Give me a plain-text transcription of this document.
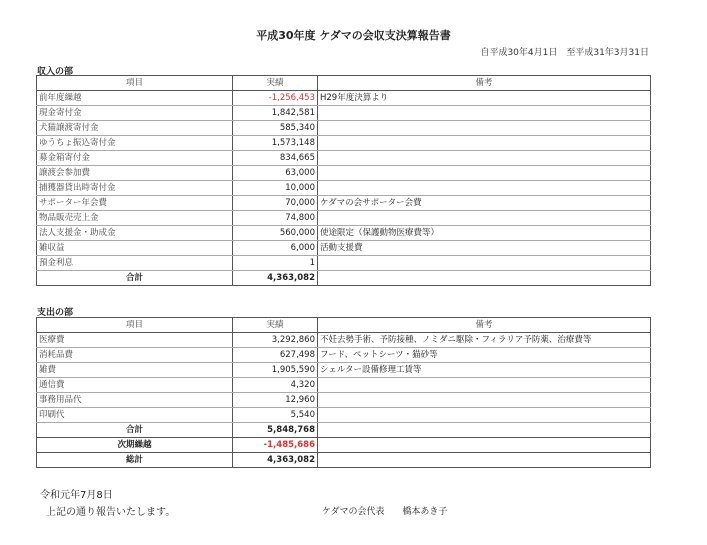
平成30年度 ケダマの会収支決算報告書
自平成30年4月1日　至平成31年3月31日
収入の部
項目	実績	備考
前年度繰越	-1,256,453	H29年度決算より
現金寄付金	1,842,581	
犬猫譲渡寄付金	585,340	
ゆうちょ振込寄付金	1,573,148	
募金箱寄付金	834,665	
譲渡会参加費	63,000	
捕獲器貸出時寄付金	10,000	
サポーター年会費	70,000	ケダマの会サポーター会費
物品販売売上金	74,800	
法人支援金・助成金	560,000	使途限定（保護動物医療費等）
雑収益	6,000	活動支援費
預金利息	1	
合計	4,363,082	
支出の部
項目	実績	備考
医療費	3,292,860	不妊去勢手術、予防接種、ノミダニ駆除・フィラリア予防薬、治療費等
消耗品費	627,498	フード、ペットシーツ・猫砂等
雑費	1,905,590	シェルター設備修理工賃等
通信費	4,320	
事務用品代	12,960	
印刷代	5,540	
合計	5,848,768	
次期繰越	-1,485,686	
総計	4,363,082	
令和元年7月8日
上記の通り報告いたします。	ケダマの会代表 橋本あき子
